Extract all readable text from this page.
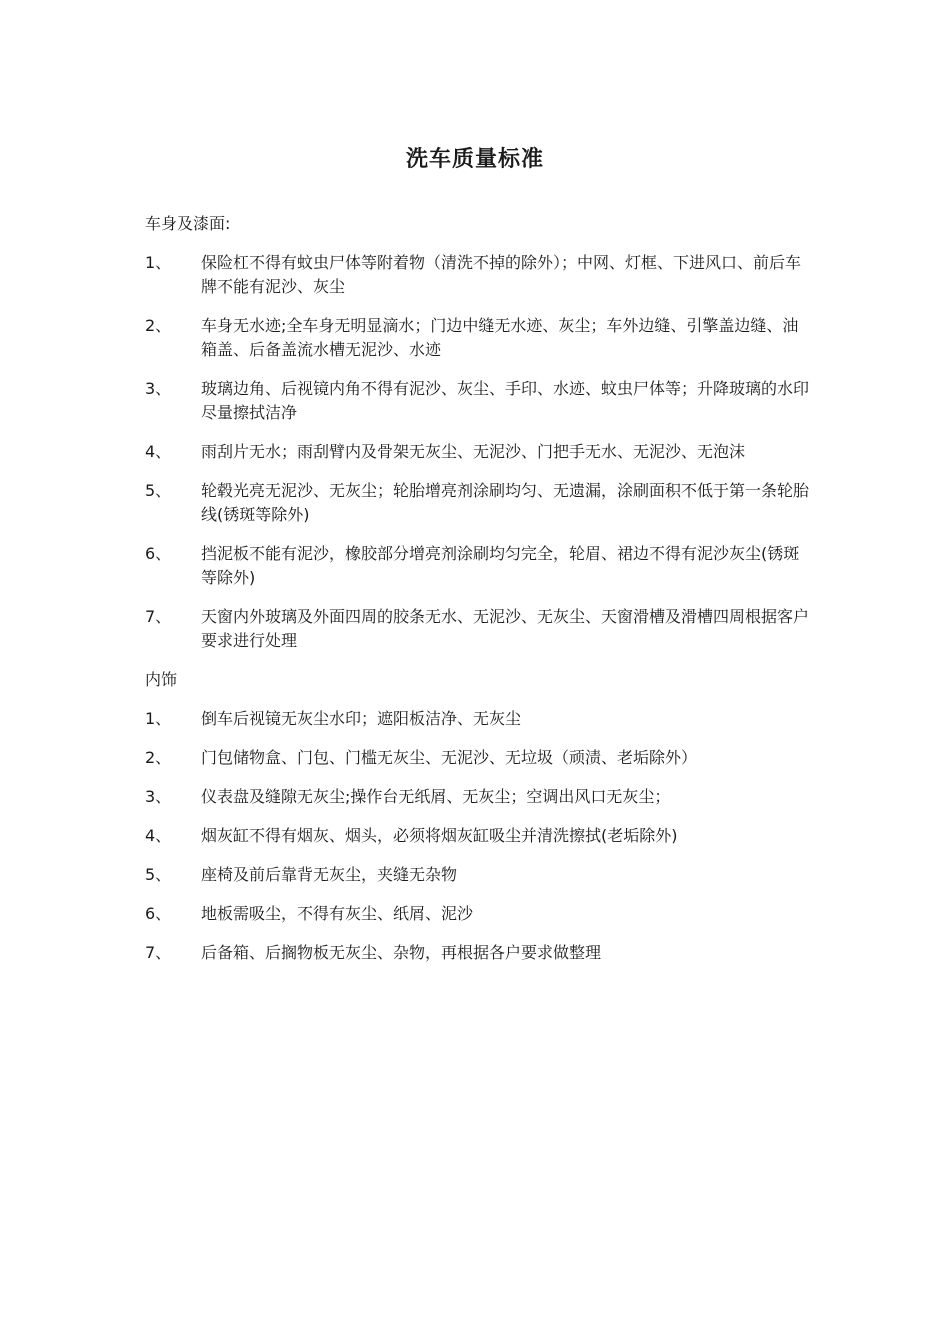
洗车质量标准
车身及漆面:
1、	保险杠不得有蚊虫尸体等附着物（清洗不掉的除外）；中网、灯框、下进风口、前后车牌不能有泥沙、灰尘
2、	车身无水迹;全车身无明显滴水；门边中缝无水迹、灰尘；车外边缝、引擎盖边缝、油箱盖、后备盖流水槽无泥沙、水迹
3、	玻璃边角、后视镜内角不得有泥沙、灰尘、手印、水迹、蚊虫尸体等；升降玻璃的水印尽量擦拭洁净
4、	雨刮片无水；雨刮臂内及骨架无灰尘、无泥沙、门把手无水、无泥沙、无泡沫
5、	轮毂光亮无泥沙、无灰尘；轮胎增亮剂涂刷均匀、无遗漏，涂刷面积不低于第一条轮胎线(锈斑等除外)
6、	挡泥板不能有泥沙，橡胶部分增亮剂涂刷均匀完全，轮眉、裙边不得有泥沙灰尘(锈斑等除外)
7、	天窗内外玻璃及外面四周的胶条无水、无泥沙、无灰尘、天窗滑槽及滑槽四周根据客户要求进行处理
内饰
1、	倒车后视镜无灰尘水印；遮阳板洁净、无灰尘
2、	门包储物盒、门包、门槛无灰尘、无泥沙、无垃圾（顽渍、老垢除外）
3、	仪表盘及缝隙无灰尘;操作台无纸屑、无灰尘；空调出风口无灰尘；
4、	烟灰缸不得有烟灰、烟头，必须将烟灰缸吸尘并清洗擦拭(老垢除外)
5、	座椅及前后靠背无灰尘，夹缝无杂物
6、	地板需吸尘，不得有灰尘、纸屑、泥沙
7、	后备箱、后搁物板无灰尘、杂物，再根据各户要求做整理
